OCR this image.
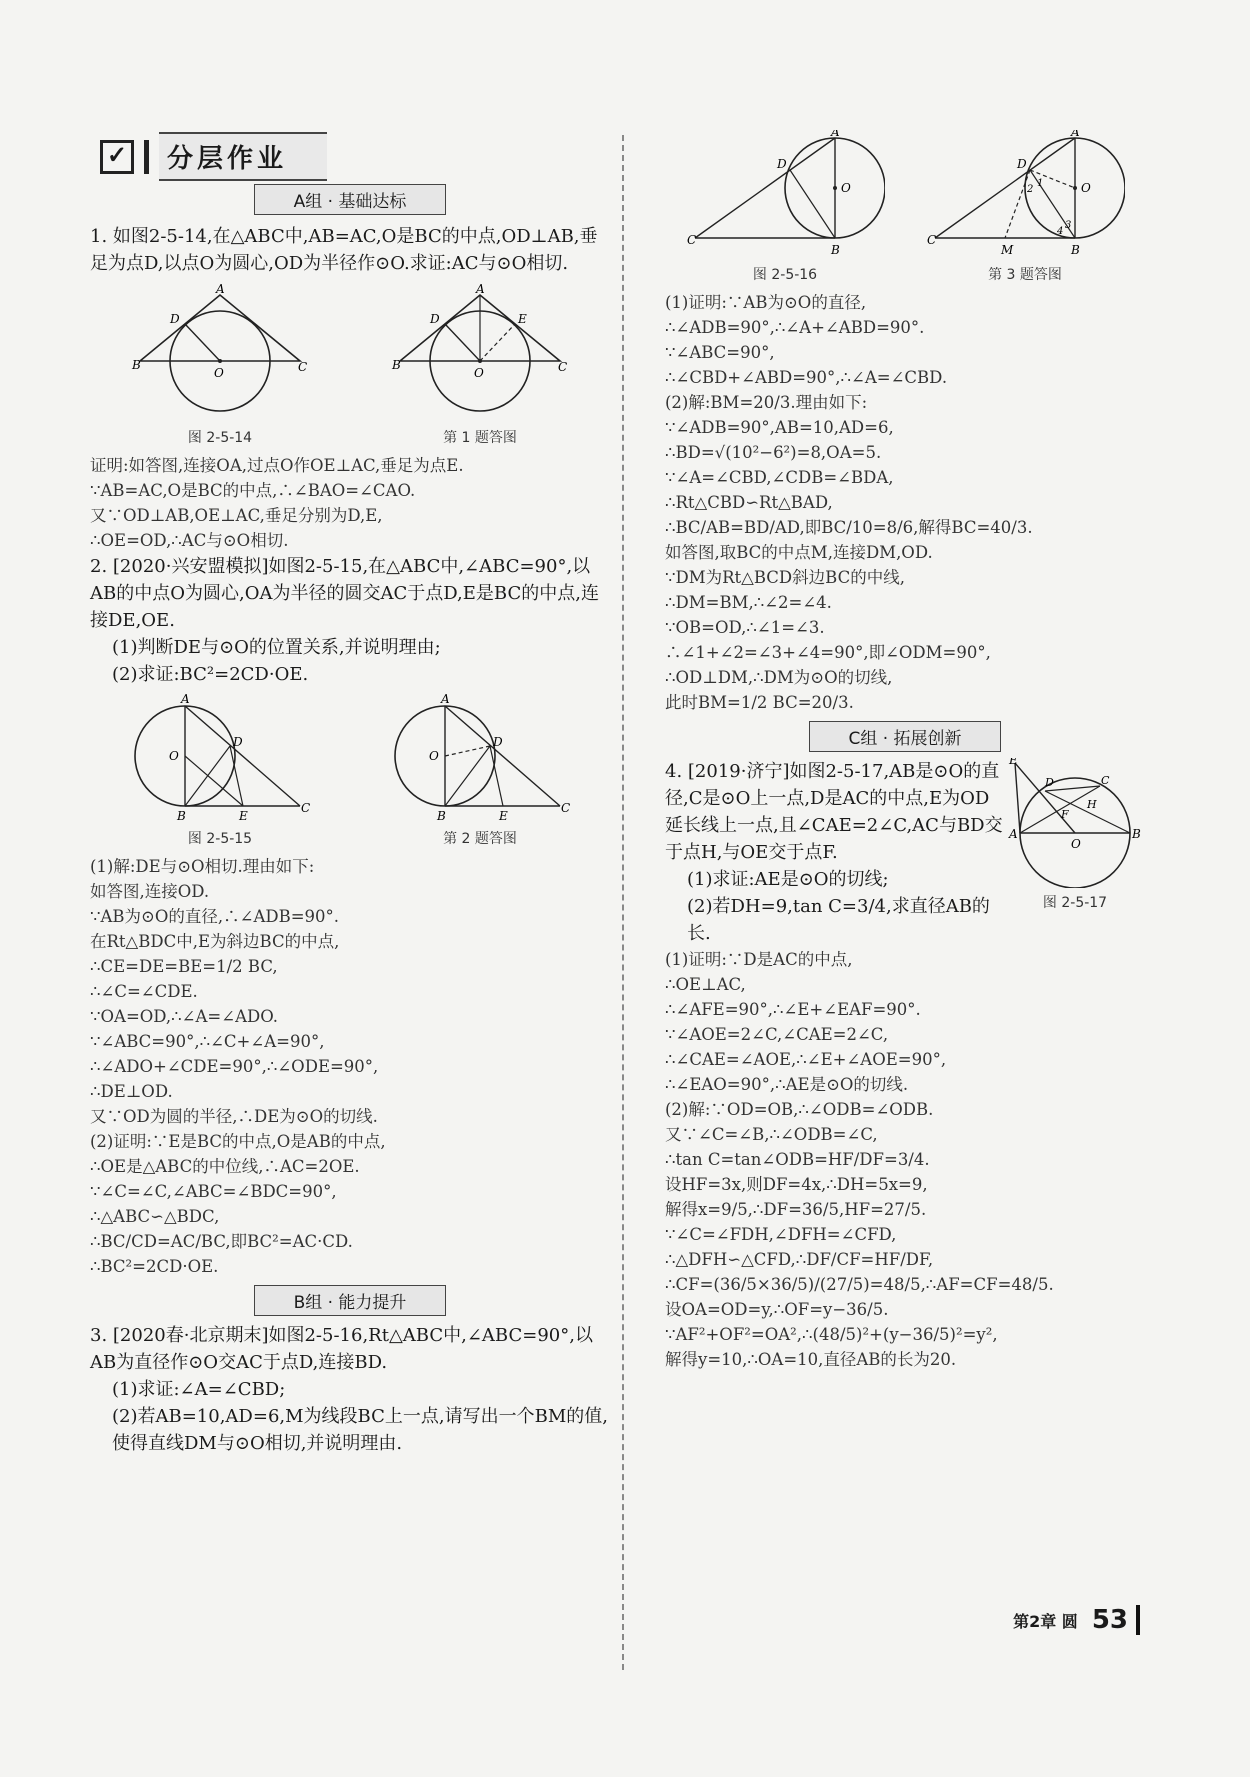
✓	分层作业
A组 · 基础达标

1. 如图2-5-14,在△ABC中,AB=AC,O是BC的中点,OD⊥AB,垂足为点D,以点O为圆心,OD为半径作⊙O.求证:AC与⊙O相切.

A
D
B
O	C
图 2-5-14
A
D	E
B
O	C
第 1 题答图

证明:如答图,连接OA,过点O作OE⊥AC,垂足为点E.

∵AB=AC,O是BC的中点,∴∠BAO=∠CAO.

又∵OD⊥AB,OE⊥AC,垂足分别为D,E,

∴OE=OD,∴AC与⊙O相切.

2. [2020·兴安盟模拟]如图2-5-15,在△ABC中,∠ABC=90°,以AB的中点O为圆心,OA为半径的圆交AC于点D,E是BC的中点,连接DE,OE.

(1)判断DE与⊙O的位置关系,并说明理由;

(2)求证:BC²=2CD·OE.

A
O
D
B	E
C
图 2-5-15
A
O
D
B	E
C
第 2 题答图

(1)解:DE与⊙O相切.理由如下:

如答图,连接OD.

∵AB为⊙O的直径,∴∠ADB=90°.

在Rt△BDC中,E为斜边BC的中点,

∴CE=DE=BE=1/2 BC,

∴∠C=∠CDE.

∵OA=OD,∴∠A=∠ADO.

∵∠ABC=90°,∴∠C+∠A=90°,

∴∠ADO+∠CDE=90°,∴∠ODE=90°,

∴DE⊥OD.

又∵OD为圆的半径,∴DE为⊙O的切线.

(2)证明:∵E是BC的中点,O是AB的中点,

∴OE是△ABC的中位线,∴AC=2OE.

∵∠C=∠C,∠ABC=∠BDC=90°,

∴△ABC∽△BDC,

∴BC/CD=AC/BC,即BC²=AC·CD.

∴BC²=2CD·OE.

B组 · 能力提升

3. [2020春·北京期末]如图2-5-16,Rt△ABC中,∠ABC=90°,以AB为直径作⊙O交AC于点D,连接BD.

(1)求证:∠A=∠CBD;

(2)若AB=10,AD=6,M为线段BC上一点,请写出一个BM的值,使得直线DM与⊙O相切,并说明理由.

A
D
O
C
B
图 2-5-16
A
D
O
C
M	B
1
2
3
4
第 3 题答图

(1)证明:∵AB为⊙O的直径,

∴∠ADB=90°,∴∠A+∠ABD=90°.

∵∠ABC=90°,

∴∠CBD+∠ABD=90°,∴∠A=∠CBD.

(2)解:BM=20/3.理由如下:

∵∠ADB=90°,AB=10,AD=6,

∴BD=√(10²−6²)=8,OA=5.

∵∠A=∠CBD,∠CDB=∠BDA,

∴Rt△CBD∽Rt△BAD,

∴BC/AB=BD/AD,即BC/10=8/6,解得BC=40/3.

如答图,取BC的中点M,连接DM,OD.

∵DM为Rt△BCD斜边BC的中线,

∴DM=BM,∴∠2=∠4.

∵OB=OD,∴∠1=∠3.

∴∠1+∠2=∠3+∠4=90°,即∠ODM=90°,

∴OD⊥DM,∴DM为⊙O的切线,

此时BM=1/2 BC=20/3.

C组 · 拓展创新

4. [2019·济宁]如图2-5-17,AB是⊙O的直径,C是⊙O上一点,D是AC的中点,E为OD延长线上一点,且∠CAE=2∠C,AC与BD交于点H,与OE交于点F.

(1)求证:AE是⊙O的切线;

(2)若DH=9,tan C=3/4,求直径AB的长.

E
D	C
H
F
A
O
B
图 2-5-17

(1)证明:∵D是AC的中点,

∴OE⊥AC,

∴∠AFE=90°,∴∠E+∠EAF=90°.

∵∠AOE=2∠C,∠CAE=2∠C,

∴∠CAE=∠AOE,∴∠E+∠AOE=90°,

∴∠EAO=90°,∴AE是⊙O的切线.

(2)解:∵OD=OB,∴∠ODB=∠ODB.

又∵∠C=∠B,∴∠ODB=∠C,

∴tan C=tan∠ODB=HF/DF=3/4.

设HF=3x,则DF=4x,∴DH=5x=9,

解得x=9/5,∴DF=36/5,HF=27/5.

∵∠C=∠FDH,∠DFH=∠CFD,

∴△DFH∽△CFD,∴DF/CF=HF/DF,

∴CF=(36/5×36/5)/(27/5)=48/5,∴AF=CF=48/5.

设OA=OD=y,∴OF=y−36/5.

∵AF²+OF²=OA²,∴(48/5)²+(y−36/5)²=y²,

解得y=10,∴OA=10,直径AB的长为20.

第2章 圆 53
